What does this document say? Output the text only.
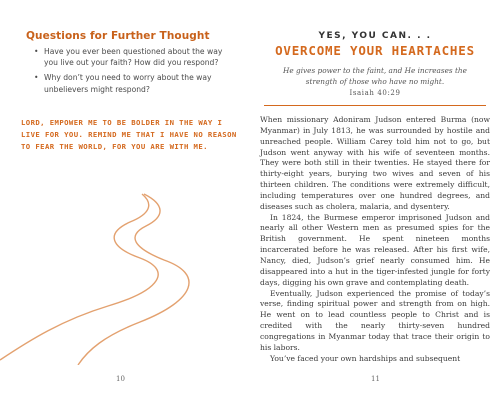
Questions for Further Thought
• Have you ever been questioned about the way you live out your faith? How did you respond?
• Why don’t you need to worry about the way unbelievers might respond?
LORD, EMPOWER ME TO BE BOLDER IN THE WAY I LIVE FOR YOU. REMIND ME THAT I HAVE NO REASON TO FEAR THE WORLD, FOR YOU ARE WITH ME.
10
YES, YOU CAN. . .
OVERCOME YOUR HEARTACHES
He gives power to the faint, and He increases the strength of those who have no might.
Isaiah 40:29

When missionary Adoniram Judson entered Burma (now Myanmar) in July 1813, he was surrounded by hostile and unreached people. William Carey told him not to go, but Judson went anyway with his wife of seventeen months. They were both still in their twenties. He stayed there for thirty-eight years, burying two wives and seven of his thirteen children. The conditions were extremely difficult, including temperatures over one hundred degrees, and diseases such as cholera, malaria, and dysentery.

In 1824, the Burmese emperor imprisoned Judson and nearly all other Western men as presumed spies for the British government. He spent nineteen months incarcerated before he was released. After his first wife, Nancy, died, Judson’s grief nearly consumed him. He disappeared into a hut in the tiger-infested jungle for forty days, digging his own grave and contemplating death.

Eventually, Judson experienced the promise of today’s verse, finding spiritual power and strength from on high. He went on to lead countless people to Christ and is credited with the nearly thirty-seven hundred congregations in Myanmar today that trace their origin to his labors.

You’ve faced your own hardships and subsequent

11
